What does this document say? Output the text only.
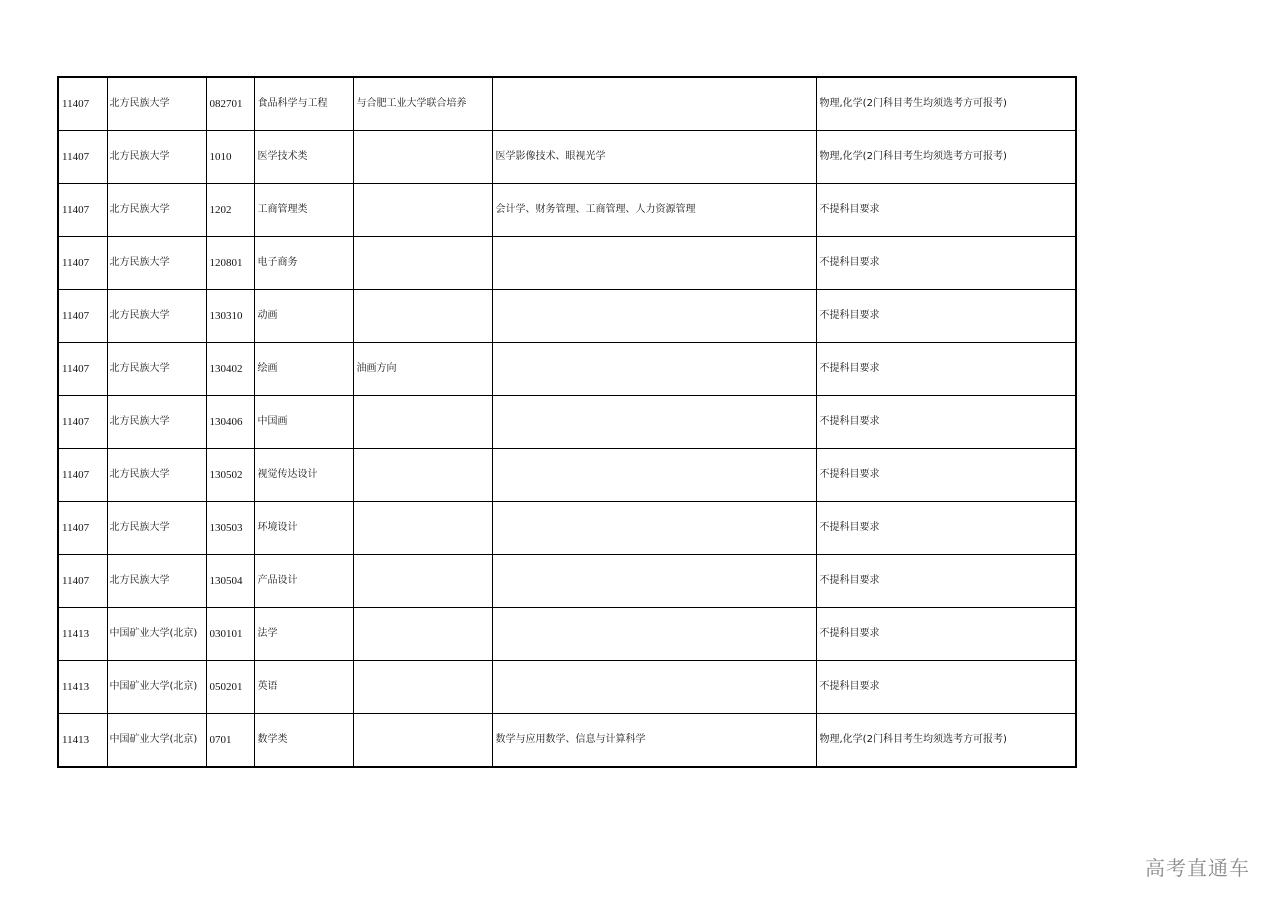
11407	北方民族大学	082701	食品科学与工程	与合肥工业大学联合培养		物理,化学(2门科目考生均须选考方可报考)
11407	北方民族大学	1010	医学技术类		医学影像技术、眼视光学	物理,化学(2门科目考生均须选考方可报考)
11407	北方民族大学	1202	工商管理类		会计学、财务管理、工商管理、人力资源管理	不提科目要求
11407	北方民族大学	120801	电子商务			不提科目要求
11407	北方民族大学	130310	动画			不提科目要求
11407	北方民族大学	130402	绘画	油画方向		不提科目要求
11407	北方民族大学	130406	中国画			不提科目要求
11407	北方民族大学	130502	视觉传达设计			不提科目要求
11407	北方民族大学	130503	环境设计			不提科目要求
11407	北方民族大学	130504	产品设计			不提科目要求
11413	中国矿业大学(北京)	030101	法学			不提科目要求
11413	中国矿业大学(北京)	050201	英语			不提科目要求
11413	中国矿业大学(北京)	0701	数学类		数学与应用数学、信息与计算科学	物理,化学(2门科目考生均须选考方可报考)
高考直通车
